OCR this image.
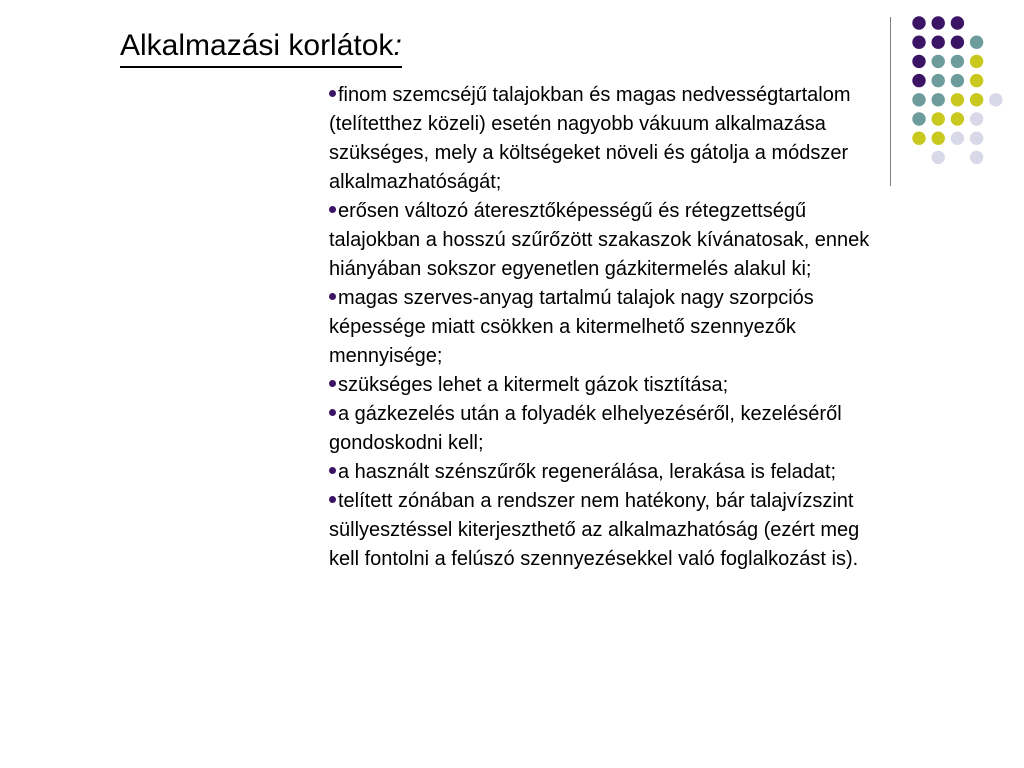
Alkalmazási korlátok:
finom szemcséjű talajokban és magas nedvességtartalom (telítetthez közeli) esetén nagyobb vákuum alkalmazása szükséges, mely a költségeket növeli és gátolja a módszer alkalmazhatóságát;
erősen változó áteresztőképességű és rétegzettségű talajokban a hosszú szűrőzött szakaszok kívánatosak, ennek hiányában sokszor egyenetlen gázkitermelés alakul ki;
magas szerves-anyag tartalmú talajok nagy szorpciós képessége miatt csökken a kitermelhető szennyezők mennyisége;
szükséges lehet a kitermelt gázok tisztítása;
a gázkezelés után a folyadék elhelyezéséről, kezeléséről gondoskodni kell;
a használt szénszűrők regenerálása, lerakása is feladat;
telített zónában a rendszer nem hatékony, bár talajvízszint süllyesztéssel kiterjeszthető az alkalmazhatóság (ezért meg kell fontolni a felúszó szennyezésekkel való foglalkozást is).
